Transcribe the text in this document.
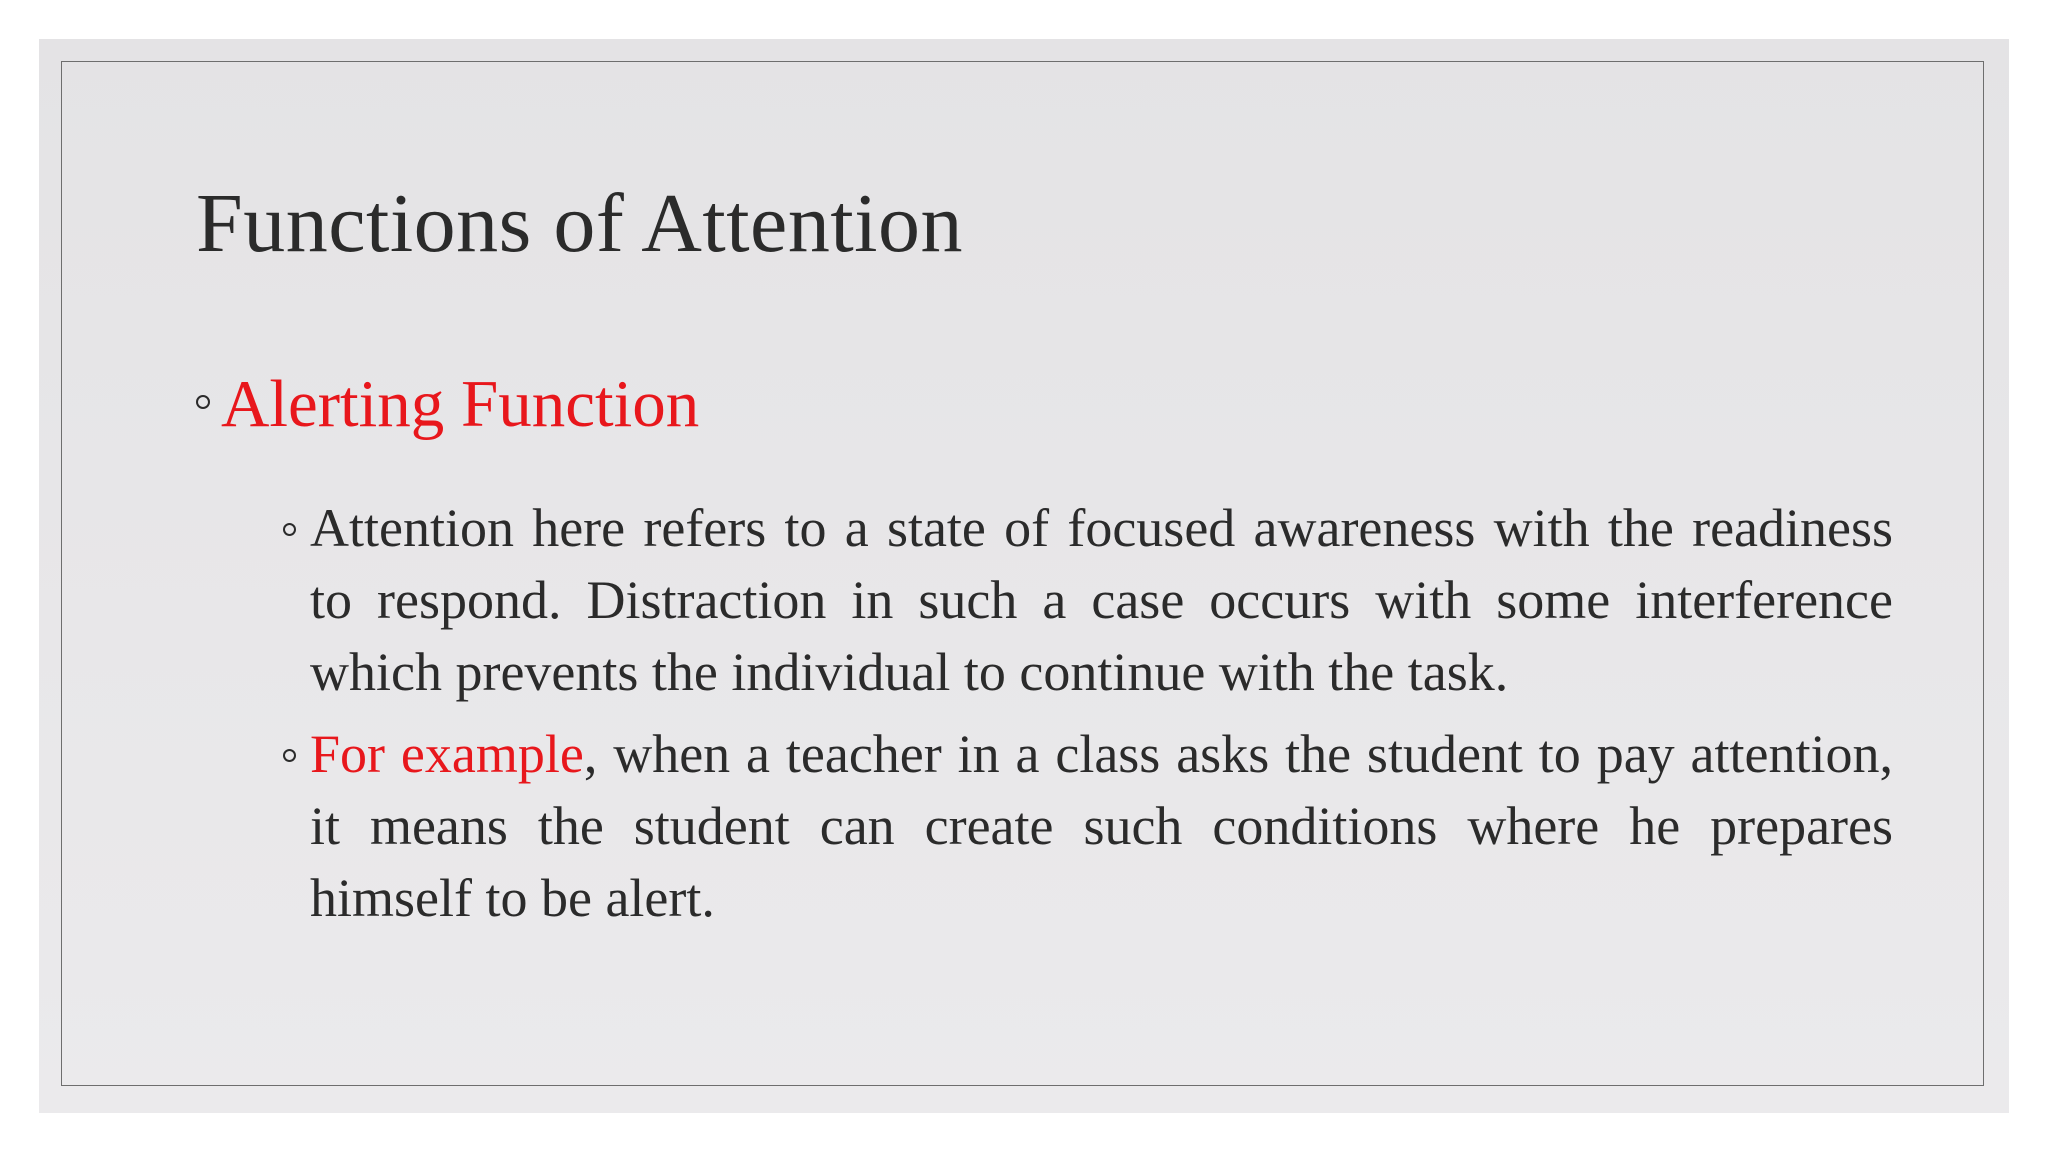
Functions of Attention
Alerting Function

Attention here refers to a state of focused awareness with the readiness to respond. Distraction in such a case occurs with some interference which prevents the individual to continue with the task.

For example, when a teacher in a class asks the student to pay attention, it means the student can create such conditions where he prepares himself to be alert.
